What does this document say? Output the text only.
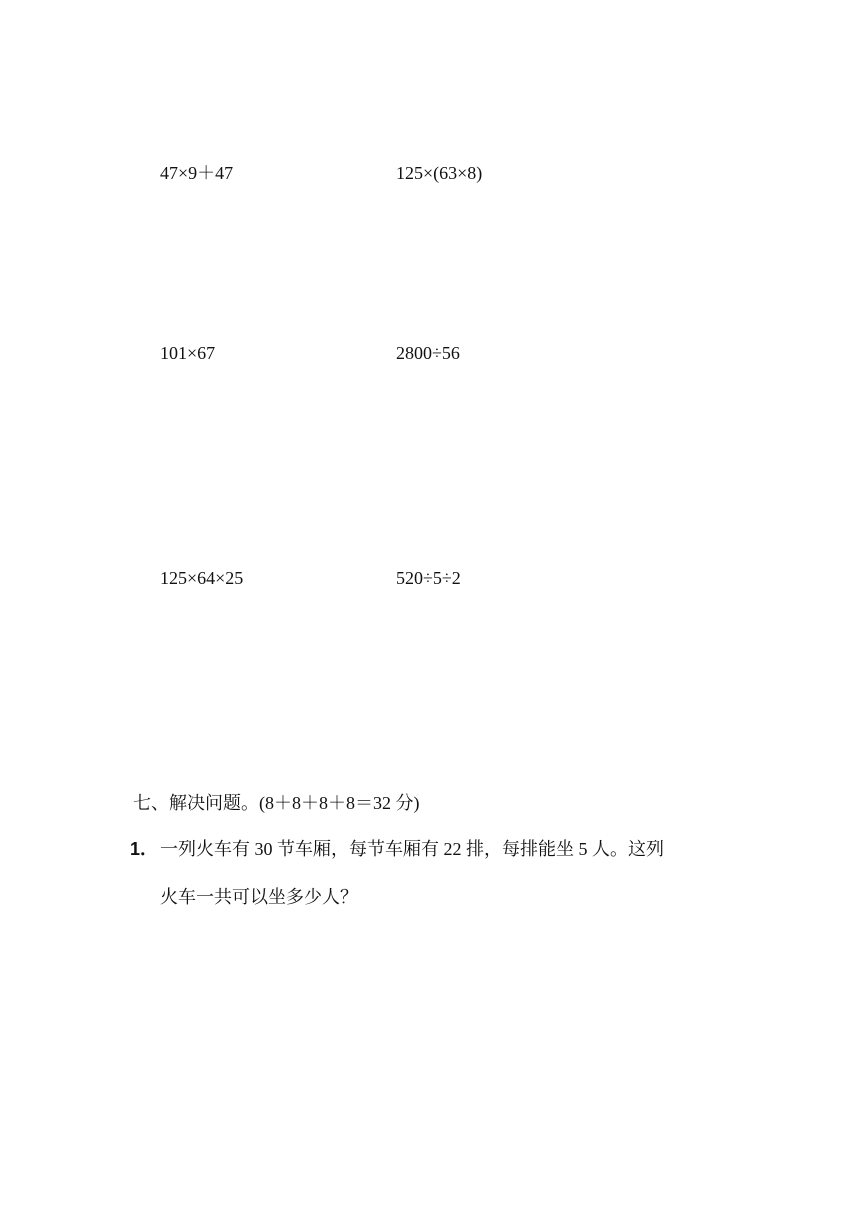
47×9＋47	125×(63×8)
101×67	2800÷56
125×64×25	520÷5÷2
七、解决问题。(8＋8＋8＋8＝32 分)
1． 一列火车有 30 节车厢，每节车厢有 22 排，每排能坐 5 人。这列
火车一共可以坐多少人？
